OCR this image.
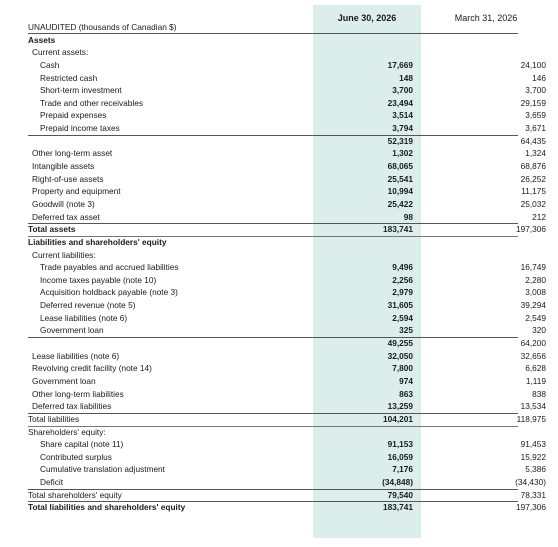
June 30, 2026	March 31, 2026
UNAUDITED (thousands of Canadian $)
Assets
Current assets:
Cash	17,669	24,100
Restricted cash	148	146
Short-term investment	3,700	3,700
Trade and other receivables	23,494	29,159
Prepaid expenses	3,514	3,659
Prepaid income taxes	3,794	3,671
52,319	64,435
Other long-term asset	1,302	1,324
Intangible assets	68,065	68,876
Right-of-use assets	25,541	26,252
Property and equipment	10,994	11,175
Goodwill (note 3)	25,422	25,032
Deferred tax asset	98	212
Total assets	183,741	197,306
Liabilities and shareholders' equity
Current liabilities:
Trade payables and accrued liabilities	9,496	16,749
Income taxes payable (note 10)	2,256	2,280
Acquisition holdback payable (note 3)	2,979	3,008
Deferred revenue (note 5)	31,605	39,294
Lease liabilities (note 6)	2,594	2,549
Government loan	325	320
49,255	64,200
Lease liabilities (note 6)	32,050	32,656
Revolving credit facility (note 14)	7,800	6,628
Government loan	974	1,119
Other long-term liabilities	863	838
Deferred tax liabilities	13,259	13,534
Total liabilities	104,201	118,975
Shareholders' equity:
Share capital (note 11)	91,153	91,453
Contributed surplus	16,059	15,922
Cumulative translation adjustment	7,176	5,386
Deficit	(34,848)	(34,430)
Total shareholders' equity	79,540	78,331
Total liabilities and shareholders' equity	183,741	197,306
